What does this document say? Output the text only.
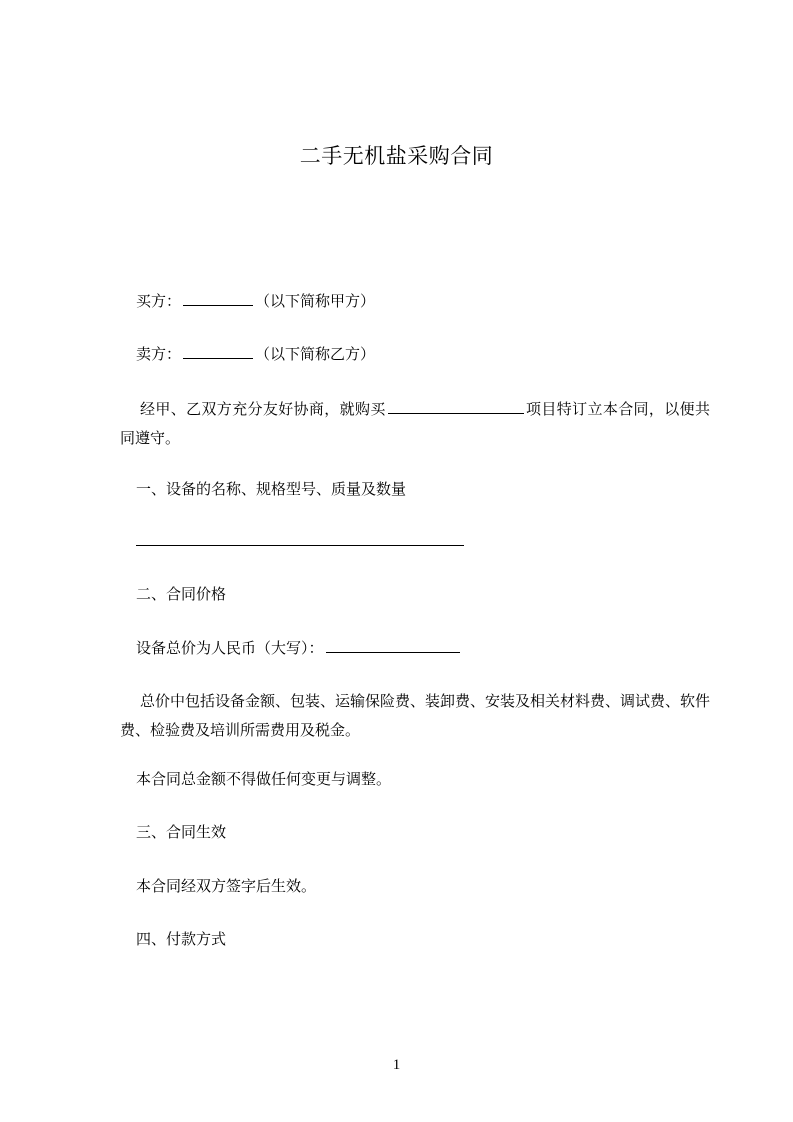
二手无机盐采购合同
买方：	（以下简称甲方）
卖方：	（以下简称乙方）
经甲、乙双方充分友好协商，就购买	项目特订立本合同，以便共同遵守。
一、设备的名称、规格型号、质量及数量
二、合同价格
设备总价为人民币（大写）：
总价中包括设备金额、包装、运输保险费、装卸费、安装及相关材料费、调试费、软件费、检验费及培训所需费用及税金。
本合同总金额不得做任何变更与调整。
三、合同生效
本合同经双方签字后生效。
四、付款方式
1
